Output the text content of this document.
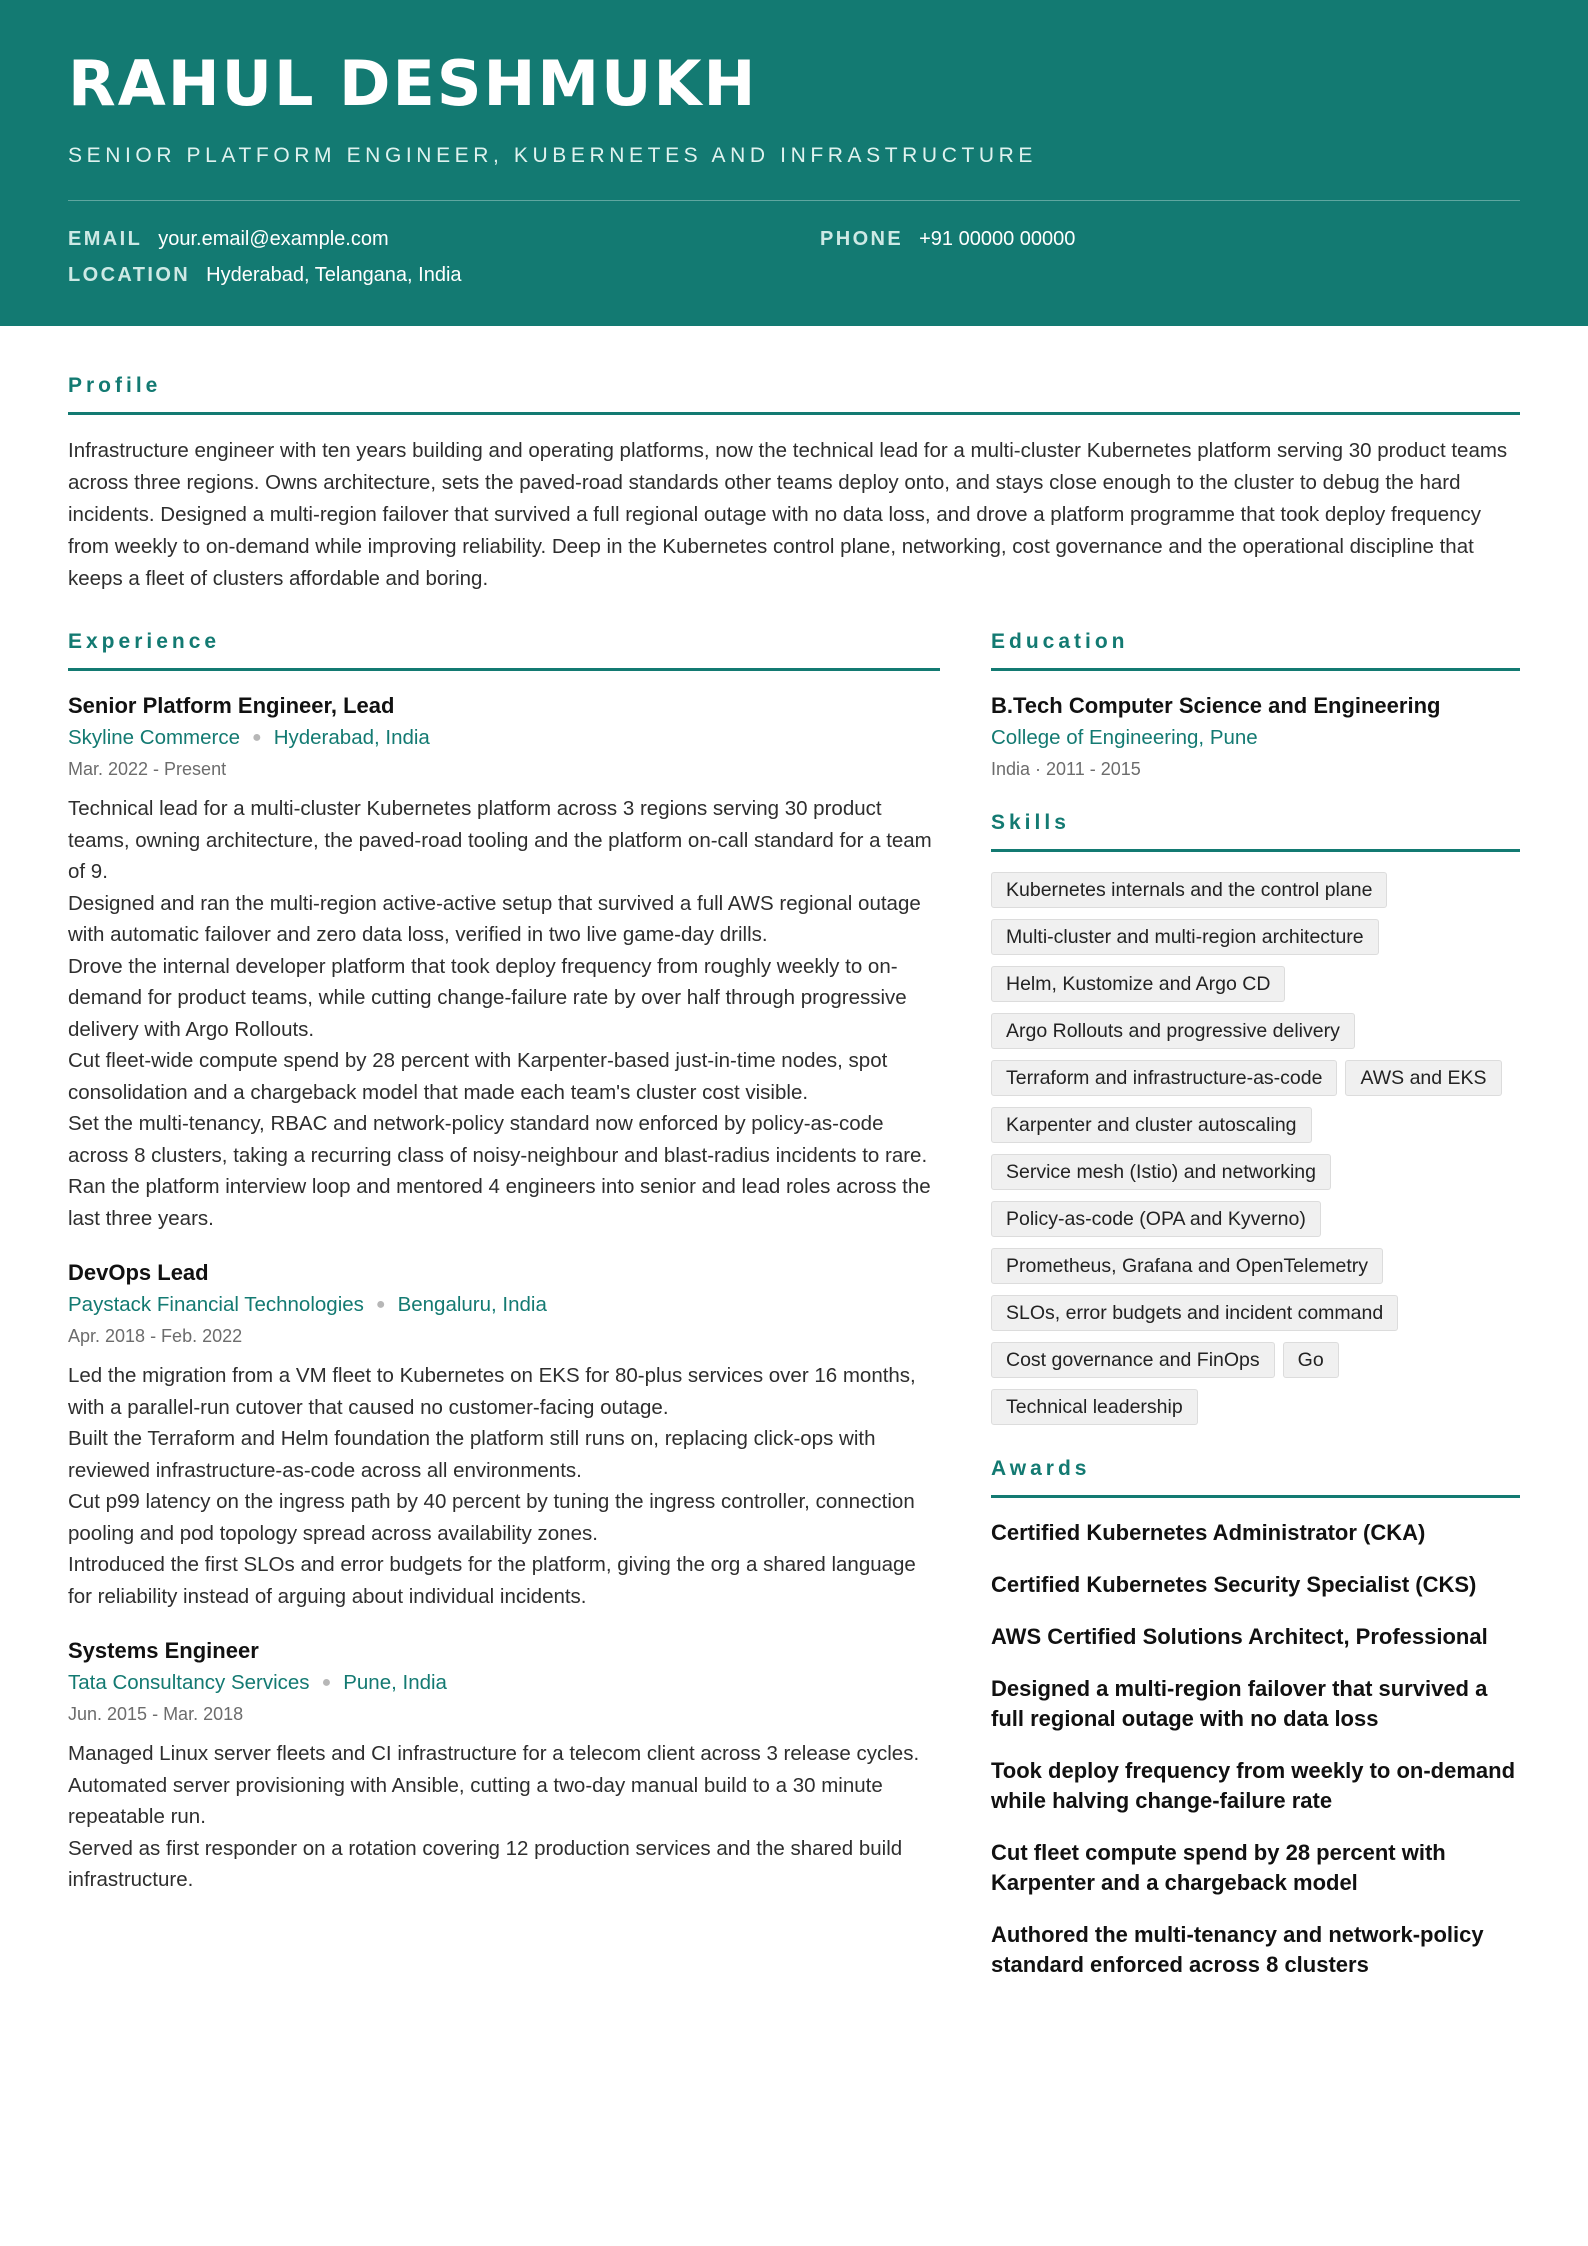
RAHUL DESHMUKH
SENIOR PLATFORM ENGINEER, KUBERNETES AND INFRASTRUCTURE
EMAIL your.email@example.com	PHONE +91 00000 00000
LOCATION Hyderabad, Telangana, India
Profile

Infrastructure engineer with ten years building and operating platforms, now the technical lead for a multi-cluster Kubernetes platform serving 30 product teams across three regions. Owns architecture, sets the paved-road standards other teams deploy onto, and stays close enough to the cluster to debug the hard incidents. Designed a multi-region failover that survived a full regional outage with no data loss, and drove a platform programme that took deploy frequency from weekly to on-demand while improving reliability. Deep in the Kubernetes control plane, networking, cost governance and the operational discipline that keeps a fleet of clusters affordable and boring.

Experience
Senior Platform Engineer, Lead
Skyline Commerce ● Hyderabad, India
Mar. 2022 - Present
Technical lead for a multi-cluster Kubernetes platform across 3 regions serving 30 product teams, owning architecture, the paved-road tooling and the platform on-call standard for a team of 9.
Designed and ran the multi-region active-active setup that survived a full AWS regional outage with automatic failover and zero data loss, verified in two live game-day drills.
Drove the internal developer platform that took deploy frequency from roughly weekly to on-demand for product teams, while cutting change-failure rate by over half through progressive delivery with Argo Rollouts.
Cut fleet-wide compute spend by 28 percent with Karpenter-based just-in-time nodes, spot consolidation and a chargeback model that made each team's cluster cost visible.
Set the multi-tenancy, RBAC and network-policy standard now enforced by policy-as-code across 8 clusters, taking a recurring class of noisy-neighbour and blast-radius incidents to rare.
Ran the platform interview loop and mentored 4 engineers into senior and lead roles across the last three years.
DevOps Lead
Paystack Financial Technologies ● Bengaluru, India
Apr. 2018 - Feb. 2022
Led the migration from a VM fleet to Kubernetes on EKS for 80-plus services over 16 months, with a parallel-run cutover that caused no customer-facing outage.
Built the Terraform and Helm foundation the platform still runs on, replacing click-ops with reviewed infrastructure-as-code across all environments.
Cut p99 latency on the ingress path by 40 percent by tuning the ingress controller, connection pooling and pod topology spread across availability zones.
Introduced the first SLOs and error budgets for the platform, giving the org a shared language for reliability instead of arguing about individual incidents.
Systems Engineer
Tata Consultancy Services ● Pune, India
Jun. 2015 - Mar. 2018
Managed Linux server fleets and CI infrastructure for a telecom client across 3 release cycles.
Automated server provisioning with Ansible, cutting a two-day manual build to a 30 minute repeatable run.
Served as first responder on a rotation covering 12 production services and the shared build infrastructure.
Education
B.Tech Computer Science and Engineering
College of Engineering, Pune
India · 2011 - 2015
Skills
Kubernetes internals and the control plane
Multi-cluster and multi-region architecture
Helm, Kustomize and Argo CD
Argo Rollouts and progressive delivery
Terraform and infrastructure-as-code	AWS and EKS
Karpenter and cluster autoscaling
Service mesh (Istio) and networking
Policy-as-code (OPA and Kyverno)
Prometheus, Grafana and OpenTelemetry
SLOs, error budgets and incident command
Cost governance and FinOps	Go
Technical leadership
Awards
Certified Kubernetes Administrator (CKA)
Certified Kubernetes Security Specialist (CKS)
AWS Certified Solutions Architect, Professional
Designed a multi-region failover that survived a full regional outage with no data loss
Took deploy frequency from weekly to on-demand while halving change-failure rate
Cut fleet compute spend by 28 percent with Karpenter and a chargeback model
Authored the multi-tenancy and network-policy standard enforced across 8 clusters
